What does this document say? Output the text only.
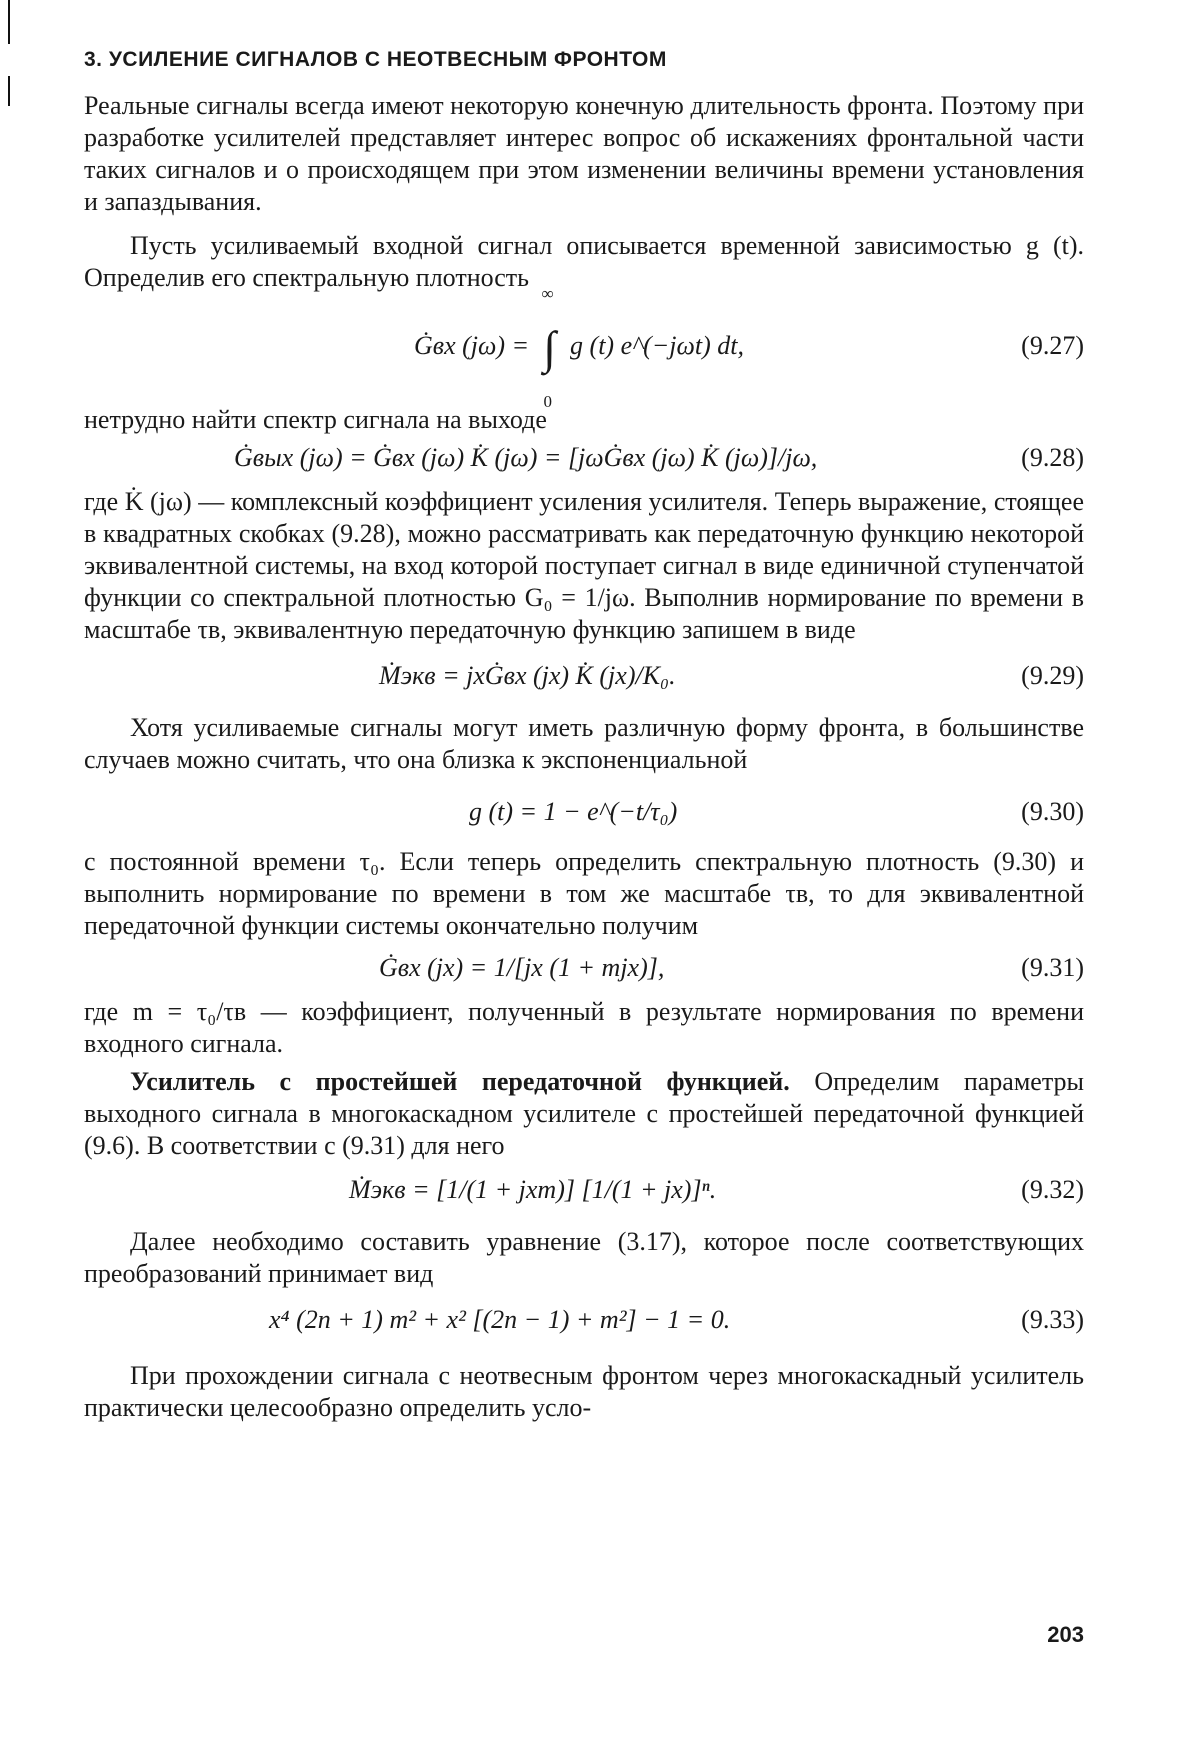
3. УСИЛЕНИЕ СИГНАЛОВ С НЕОТВЕСНЫМ ФРОНТОМ

Реальные сигналы всегда имеют некоторую конечную длительность фронта. Поэтому при разработке усилителей представляет интерес вопрос об искажениях фронтальной части таких сигналов и о происходящем при этом изменении величины времени установления и запаздывания.

Пусть усиливаемый входной сигнал описывается временной зависимостью g (t). Определив его спектральную плотность

Ġвх (jω) =
∞
∫
0
g (t) e^(−jωt) dt,	(9.27)

нетрудно найти спектр сигнала на выходе

Ġвых (jω) = Ġвх (jω) K̇ (jω) = [jωĠвх (jω) K̇ (jω)]/jω,	(9.28)

где K̇ (jω) — комплексный коэффициент усиления усилителя. Теперь выражение, стоящее в квадратных скобках (9.28), можно рассматривать как передаточную функцию некоторой эквивалентной системы, на вход которой поступает сигнал в виде единичной ступенчатой функции со спектральной плотностью G₀ = 1/jω. Выполнив нормирование по времени в масштабе τв, эквивалентную передаточную функцию запишем в виде

Ṁэкв = jxĠвх (jx) K̇ (jx)/K₀.	(9.29)

Хотя усиливаемые сигналы могут иметь различную форму фронта, в большинстве случаев можно считать, что она близка к экспоненциальной

g (t) = 1 − e^(−t/τ₀)	(9.30)

с постоянной времени τ₀. Если теперь определить спектральную плотность (9.30) и выполнить нормирование по времени в том же масштабе τв, то для эквивалентной передаточной функции системы окончательно получим

Ġвх (jx) = 1/[jx (1 + mjx)],	(9.31)

где m = τ₀/τв — коэффициент, полученный в результате нормирования по времени входного сигнала.

Усилитель с простейшей передаточной функцией. Определим параметры выходного сигнала в многокаскадном усилителе с простейшей передаточной функцией (9.6). В соответствии с (9.31) для него

Ṁэкв = [1/(1 + jxm)] [1/(1 + jx)]ⁿ.	(9.32)

Далее необходимо составить уравнение (3.17), которое после соответствующих преобразований принимает вид

x⁴ (2n + 1) m² + x² [(2n − 1) + m²] − 1 = 0.	(9.33)

При прохождении сигнала с неотвесным фронтом через многокаскадный усилитель практически целесообразно определить усло-

203
